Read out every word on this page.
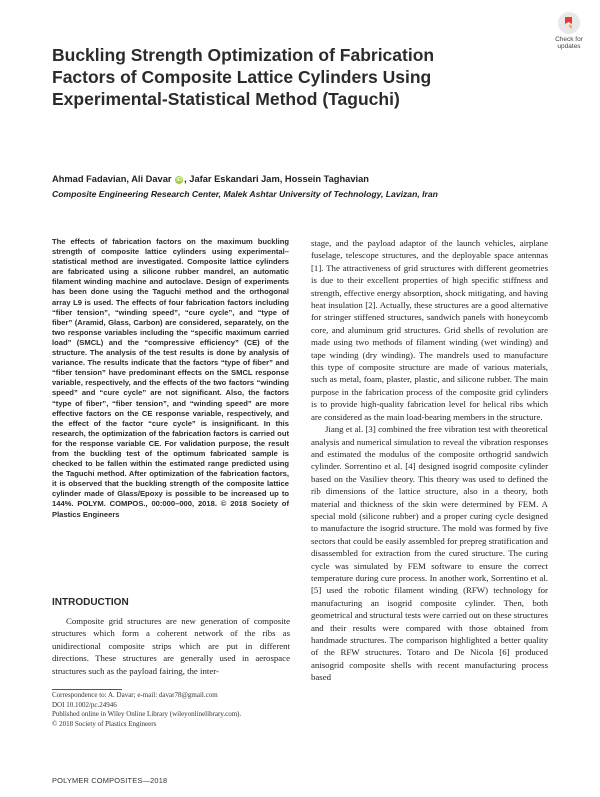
Check for updates
Buckling Strength Optimization of Fabrication Factors of Composite Lattice Cylinders Using Experimental-Statistical Method (Taguchi)
Ahmad Fadavian, Ali Davar iD , Jafar Eskandari Jam, Hossein Taghavian
Composite Engineering Research Center, Malek Ashtar University of Technology, Lavizan, Iran
The effects of fabrication factors on the maximum buckling strength of composite lattice cylinders using experimental–statistical method are investigated. Composite lattice cylinders are fabricated using a silicone rubber mandrel, an automatic filament winding machine and autoclave. Design of experiments has been done using the Taguchi method and the orthogonal array L9 is used. The effects of four fabrication factors including “fiber tension”, “winding speed”, “cure cycle”, and “type of fiber” (Aramid, Glass, Carbon) are considered, separately, on the two response variables including the “specific maximum carried load” (SMCL) and the “compressive efficiency” (CE) of the structure. The analysis of the test results is done by analysis of variance. The results indicate that the factors “type of fiber” and “fiber tension” have predominant effects on the SMCL response variable, respectively, and the effects of the two factors “winding speed” and “cure cycle” are not significant. Also, the factors “type of fiber”, “fiber tension”, and “winding speed” are more effective factors on the CE response variable, respectively, and the effect of the factor “cure cycle” is insignificant. In this research, the optimization of the fabrication factors is carried out for the response variable CE. For validation purpose, the result from the buckling test of the optimum fabricated sample is checked to be fallen within the estimated range predicted using the Taguchi method. After optimization of the fabrication factors, it is observed that the buckling strength of the composite lattice cylinder made of Glass/Epoxy is possible to be increased up to 144%. POLYM. COMPOS., 00:000–000, 2018. © 2018 Society of Plastics Engineers
INTRODUCTION

Composite grid structures are new generation of composite structures which form a coherent network of the ribs as unidirectional composite strips which are put in different directions. These structures are generally used in aerospace structures such as the payload fairing, the inter-

Correspondence to: A. Davar; e-mail: davar78@gmail.com
DOI 10.1002/pc.24946
Published online in Wiley Online Library (wileyonlinelibrary.com).
© 2018 Society of Plastics Engineers
POLYMER COMPOSITES—2018

stage, and the payload adaptor of the launch vehicles, airplane fuselage, telescope structures, and the deployable space antennas [1]. The attractiveness of grid structures with different geometries is due to their excellent properties of high specific stiffness and strength, effective energy absorption, shock mitigating, and having heat insulation [2]. Actually, these structures are a good alternative for stringer stiffened structures, sandwich panels with honeycomb core, and aluminum grid structures. Grid shells of revolution are made using two methods of filament winding (wet winding) and tape winding (dry winding). The mandrels used to manufacture this type of composite structure are made of various materials, such as metal, foam, plaster, plastic, and silicone rubber. The main purpose in the fabrication process of the composite grid cylinders is to provide high-quality fabrication level for helical ribs which are considered as the main load-bearing members in the structure.

Jiang et al. [3] combined the free vibration test with theoretical analysis and numerical simulation to reveal the vibration responses and estimated the modulus of the composite orthogrid sandwich cylinder. Sorrentino et al. [4] designed isogrid composite cylinder based on the Vasiliev theory. This theory was used to defined the rib dimensions of the lattice structure, also in a theory, both material and thickness of the skin were determined by FEM. A special mold (silicone rubber) and a proper curing cycle designed to manufacture the isogrid structure. The mold was formed by five sectors that could be easily assembled for prepreg stratification and disassembled for extraction from the cured structure. The curing cycle was simulated by FEM software to ensure the correct temperature during cure process. In another work, Sorrentino et al. [5] used the robotic filament winding (RFW) technology for manufacturing an isogrid composite cylinder. Then, both geometrical and structural tests were carried out on these structures and their results were compared with those obtained from handmade structures. The comparison highlighted a better quality of the RFW structures. Totaro and De Nicola [6] produced anisogrid composite shells with recent manufacturing process based
